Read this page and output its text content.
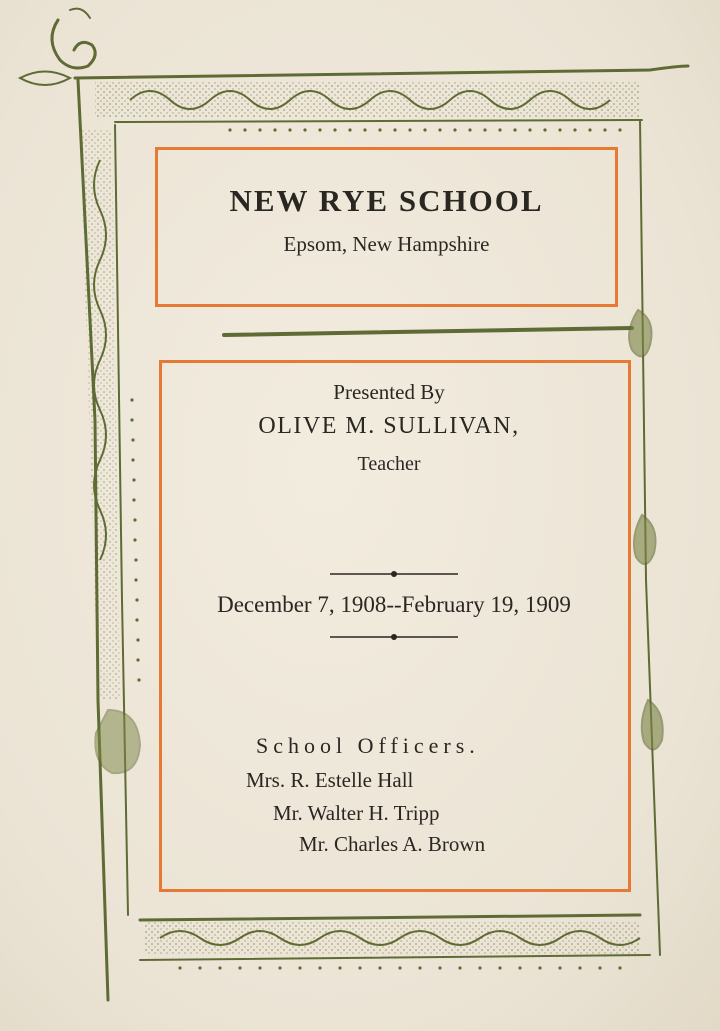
NEW RYE SCHOOL
Epsom, New Hampshire
Presented By
OLIVE M. SULLIVAN,
Teacher
December 7, 1908--February 19, 1909
School Officers.
Mrs. R. Estelle Hall
Mr. Walter H. Tripp
Mr. Charles A. Brown
